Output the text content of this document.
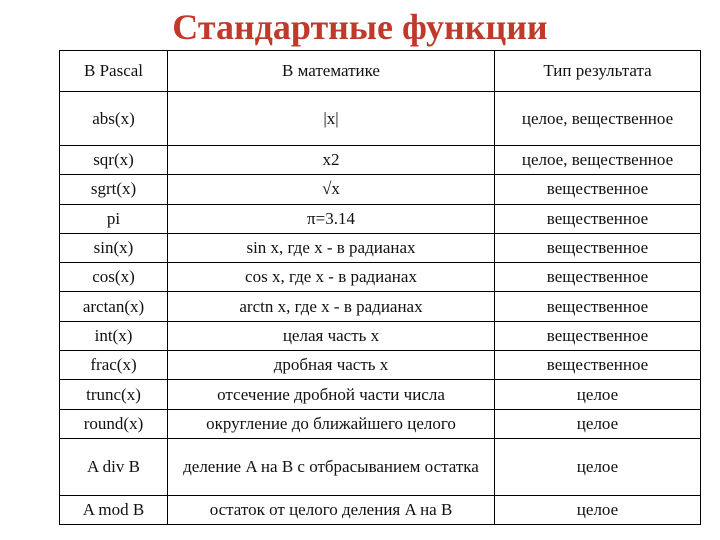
Стандартные функции
В Pascal	В математике	Тип результата
abs(x)	|x|	целое, вещественное
sqr(x)	x2	целое, вещественное
sgrt(x)	√x	вещественное
pi	π=3.14	вещественное
sin(x)	sin x, где x - в радианах	вещественное
cos(x)	cos x, где x - в радианах	вещественное
arctan(x)	arctn x, где x - в радианах	вещественное
int(x)	целая часть x	вещественное
frac(x)	дробная часть x	вещественное
trunc(x)	отсечение дробной части числа	целое
round(x)	округление до ближайшего целого	целое
A div B	деление A на B с отбрасыванием остатка	целое
A mod B	остаток от целого деления A на B	целое
